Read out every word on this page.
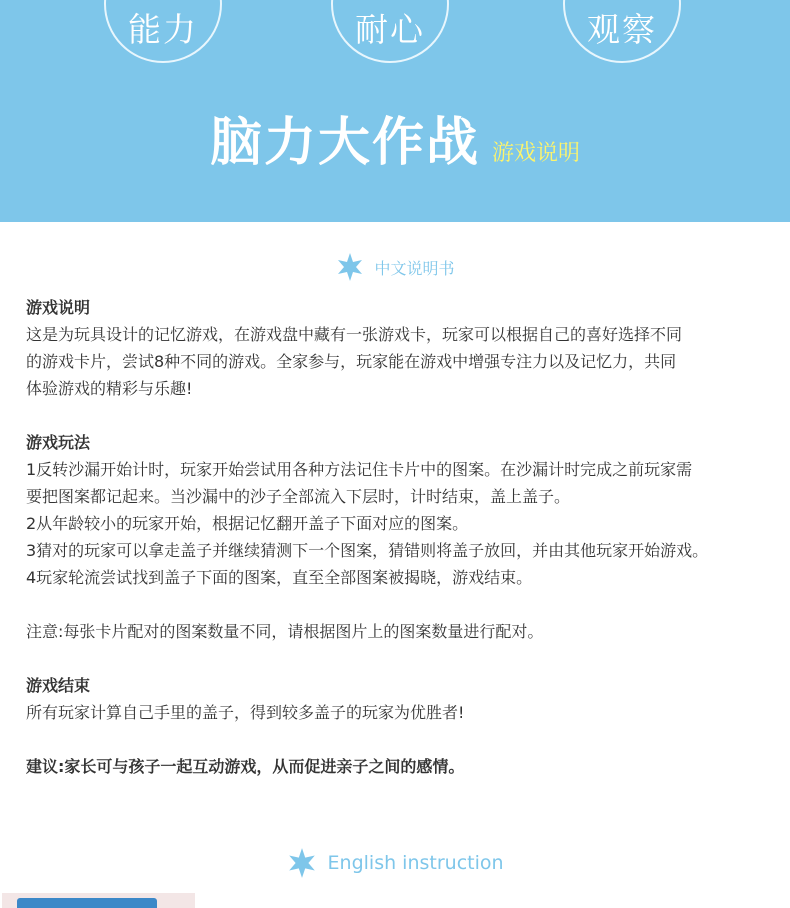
能力	耐心	观察
脑力大作战 游戏说明
中文说明书

游戏说明

这是为玩具设计的记忆游戏，在游戏盘中藏有一张游戏卡，玩家可以根据自己的喜好选择不同

的游戏卡片，尝试8种不同的游戏。全家参与，玩家能在游戏中增强专注力以及记忆力，共同

体验游戏的精彩与乐趣!

游戏玩法

1反转沙漏开始计时，玩家开始尝试用各种方法记住卡片中的图案。在沙漏计时完成之前玩家需

要把图案都记起来。当沙漏中的沙子全部流入下层时，计时结束，盖上盖子。

2从年龄较小的玩家开始，根据记忆翻开盖子下面对应的图案。

3猜对的玩家可以拿走盖子并继续猜测下一个图案，猜错则将盖子放回，并由其他玩家开始游戏。

4玩家轮流尝试找到盖子下面的图案，直至全部图案被揭晓，游戏结束。

注意:每张卡片配对的图案数量不同，请根据图片上的图案数量进行配对。

游戏结束

所有玩家计算自己手里的盖子，得到较多盖子的玩家为优胜者!

建议:家长可与孩子一起互动游戏，从而促进亲子之间的感情。

English instruction
